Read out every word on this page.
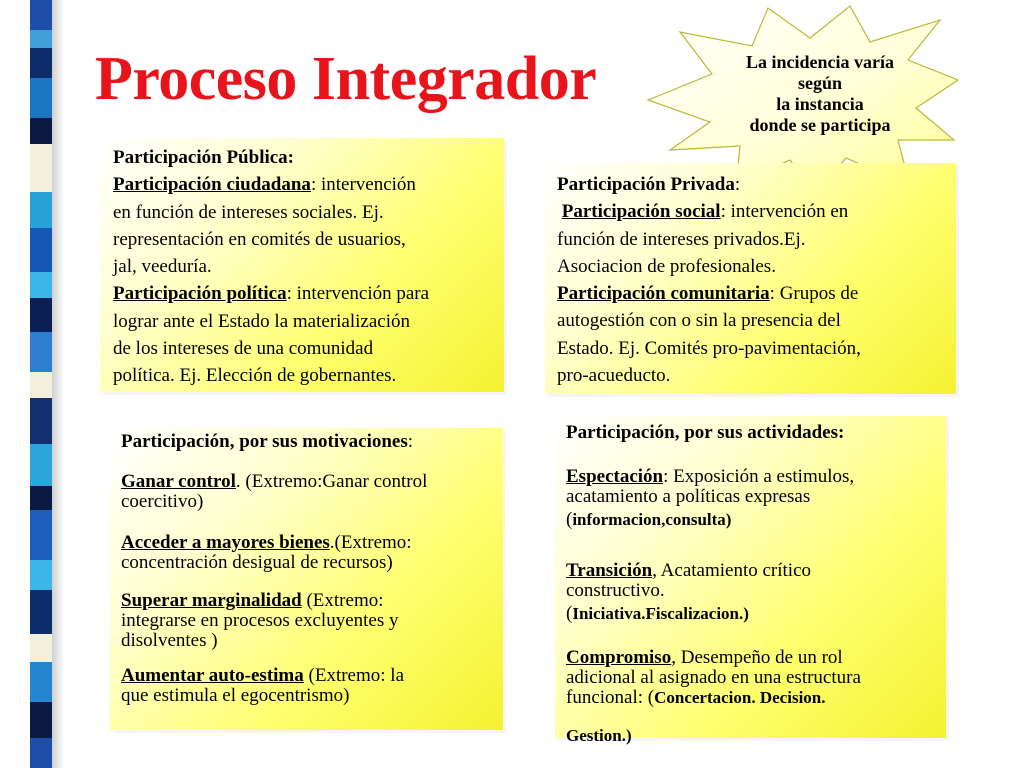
Proceso Integrador	La incidencia varía
según
la instancia
donde se participa
Participación Pública:
Participación ciudadana: intervención
en función de intereses sociales. Ej.
representación en comités de usuarios,
jal, veeduría.
Participación política: intervención para
lograr ante el Estado la materialización
de los intereses de una comunidad
política. Ej. Elección de gobernantes.
Participación Privada:
Participación social: intervención en
función de intereses privados.Ej.
Asociacion de profesionales.
Participación comunitaria: Grupos de
autogestión con o sin la presencia del
Estado. Ej. Comités pro-pavimentación,
pro-acueducto.
Participación, por sus motivaciones:
Ganar control. (Extremo:Ganar control
coercitivo)
Acceder a mayores bienes.(Extremo:
concentración desigual de recursos)
Superar marginalidad (Extremo:
integrarse en procesos excluyentes y
disolventes )
Aumentar auto-estima (Extremo: la
que estimula el egocentrismo)
Participación, por sus actividades:
Espectación: Exposición a estimulos,
acatamiento a políticas expresas
(informacion,consulta)
Transición, Acatamiento crítico
constructivo.
(Iniciativa.Fiscalizacion.)
Compromiso, Desempeño de un rol
adicional al asignado en una estructura
funcional: (Concertacion. Decision.
Gestion.)
